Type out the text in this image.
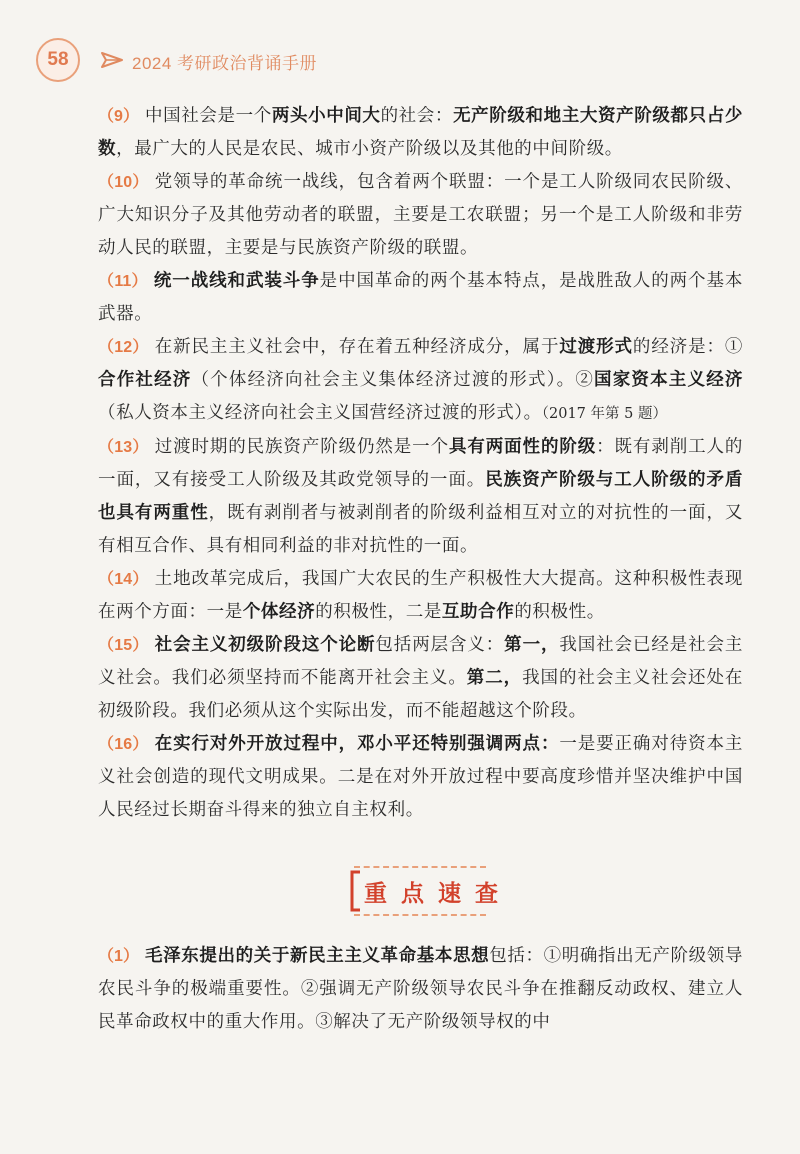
58	2024 考研政治背诵手册

（9） 中国社会是一个两头小中间大的社会：无产阶级和地主大资产阶级都只占少数，最广大的人民是农民、城市小资产阶级以及其他的中间阶级。

（10） 党领导的革命统一战线，包含着两个联盟：一个是工人阶级同农民阶级、广大知识分子及其他劳动者的联盟，主要是工农联盟；另一个是工人阶级和非劳动人民的联盟，主要是与民族资产阶级的联盟。

（11） 统一战线和武装斗争是中国革命的两个基本特点，是战胜敌人的两个基本武器。

（12） 在新民主主义社会中，存在着五种经济成分，属于过渡形式的经济是：①合作社经济（个体经济向社会主义集体经济过渡的形式）。②国家资本主义经济（私人资本主义经济向社会主义国营经济过渡的形式）。（2017 年第 5 题）

（13） 过渡时期的民族资产阶级仍然是一个具有两面性的阶级：既有剥削工人的一面，又有接受工人阶级及其政党领导的一面。民族资产阶级与工人阶级的矛盾也具有两重性，既有剥削者与被剥削者的阶级利益相互对立的对抗性的一面，又有相互合作、具有相同利益的非对抗性的一面。

（14） 土地改革完成后，我国广大农民的生产积极性大大提高。这种积极性表现在两个方面：一是个体经济的积极性，二是互助合作的积极性。

（15） 社会主义初级阶段这个论断包括两层含义：第一，我国社会已经是社会主义社会。我们必须坚持而不能离开社会主义。第二，我国的社会主义社会还处在初级阶段。我们必须从这个实际出发，而不能超越这个阶段。

（16） 在实行对外开放过程中，邓小平还特别强调两点：一是要正确对待资本主义社会创造的现代文明成果。二是在对外开放过程中要高度珍惜并坚决维护中国人民经过长期奋斗得来的独立自主权利。

重点速查

（1） 毛泽东提出的关于新民主主义革命基本思想包括：①明确指出无产阶级领导农民斗争的极端重要性。②强调无产阶级领导农民斗争在推翻反动政权、建立人民革命政权中的重大作用。③解决了无产阶级领导权的中
